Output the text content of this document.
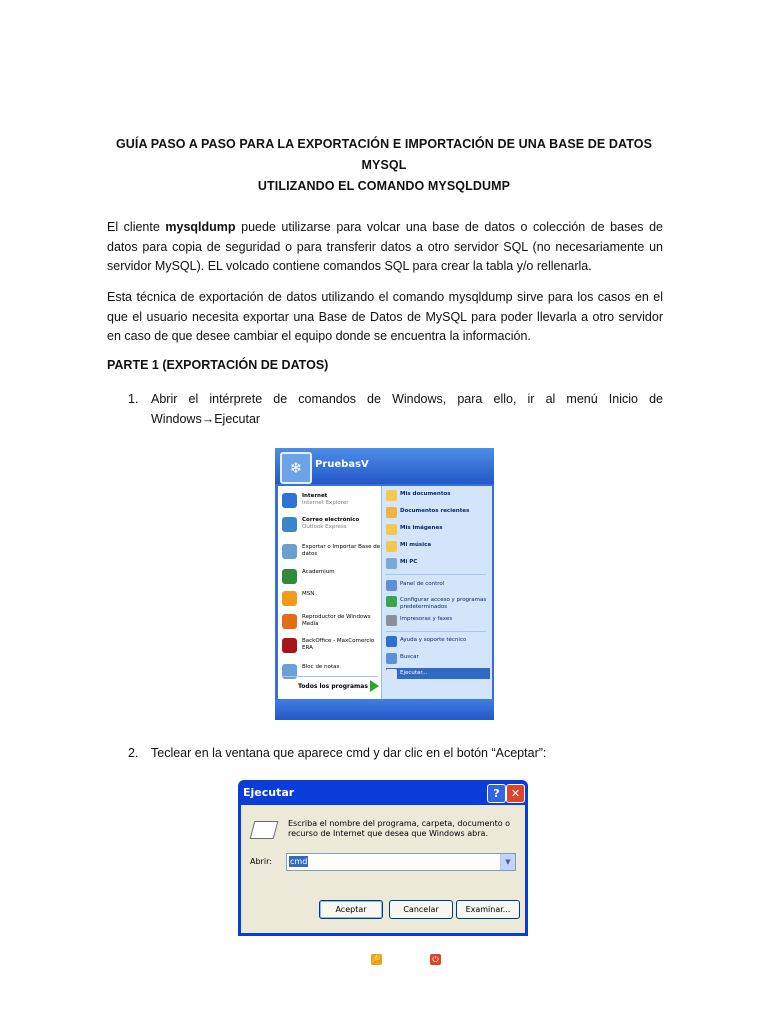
GUÍA PASO A PASO PARA LA EXPORTACIÓN E IMPORTACIÓN DE UNA BASE DE DATOS MYSQL
UTILIZANDO EL COMANDO MYSQLDUMP
El cliente mysqldump puede utilizarse para volcar una base de datos o colección de bases de datos para copia de seguridad o para transferir datos a otro servidor SQL (no necesariamente un servidor MySQL). EL volcado contiene comandos SQL para crear la tabla y/o rellenarla.
Esta técnica de exportación de datos utilizando el comando mysqldump sirve para los casos en el que el usuario necesita exportar una Base de Datos de MySQL para poder llevarla a otro servidor en caso de que desee cambiar el equipo donde se encuentra la información.
PARTE 1 (EXPORTACIÓN DE DATOS)
1. Abrir el intérprete de comandos de Windows, para ello, ir al menú Inicio de Windows→Ejecutar
❄	PruebasV
Internet
Internet Explorer
Correo electrónico
Outlook Express
Exportar o Importar Base de datos
Academium
MSN
Reproductor de Windows Media
BackOffice - MaxComercio ERA
Bloc de notas
Todos los programas
Mis documentos
Documentos recientes
Mis imágenes
Mi música
Mi PC
Panel de control
Configurar acceso y programas predeterminados
Impresoras y faxes
Ayuda y soporte técnico
Buscar
Ejecutar...
🔑 Cerrar sesión ⏻ Apagar equipo
2. Teclear en la ventana que aparece cmd y dar clic en el botón “Aceptar”:
Ejecutar	?	✕
Escriba el nombre del programa, carpeta, documento o recurso de Internet que desea que Windows abra.
Abrir: cmd	▼
Aceptar	Cancelar	Examinar...
